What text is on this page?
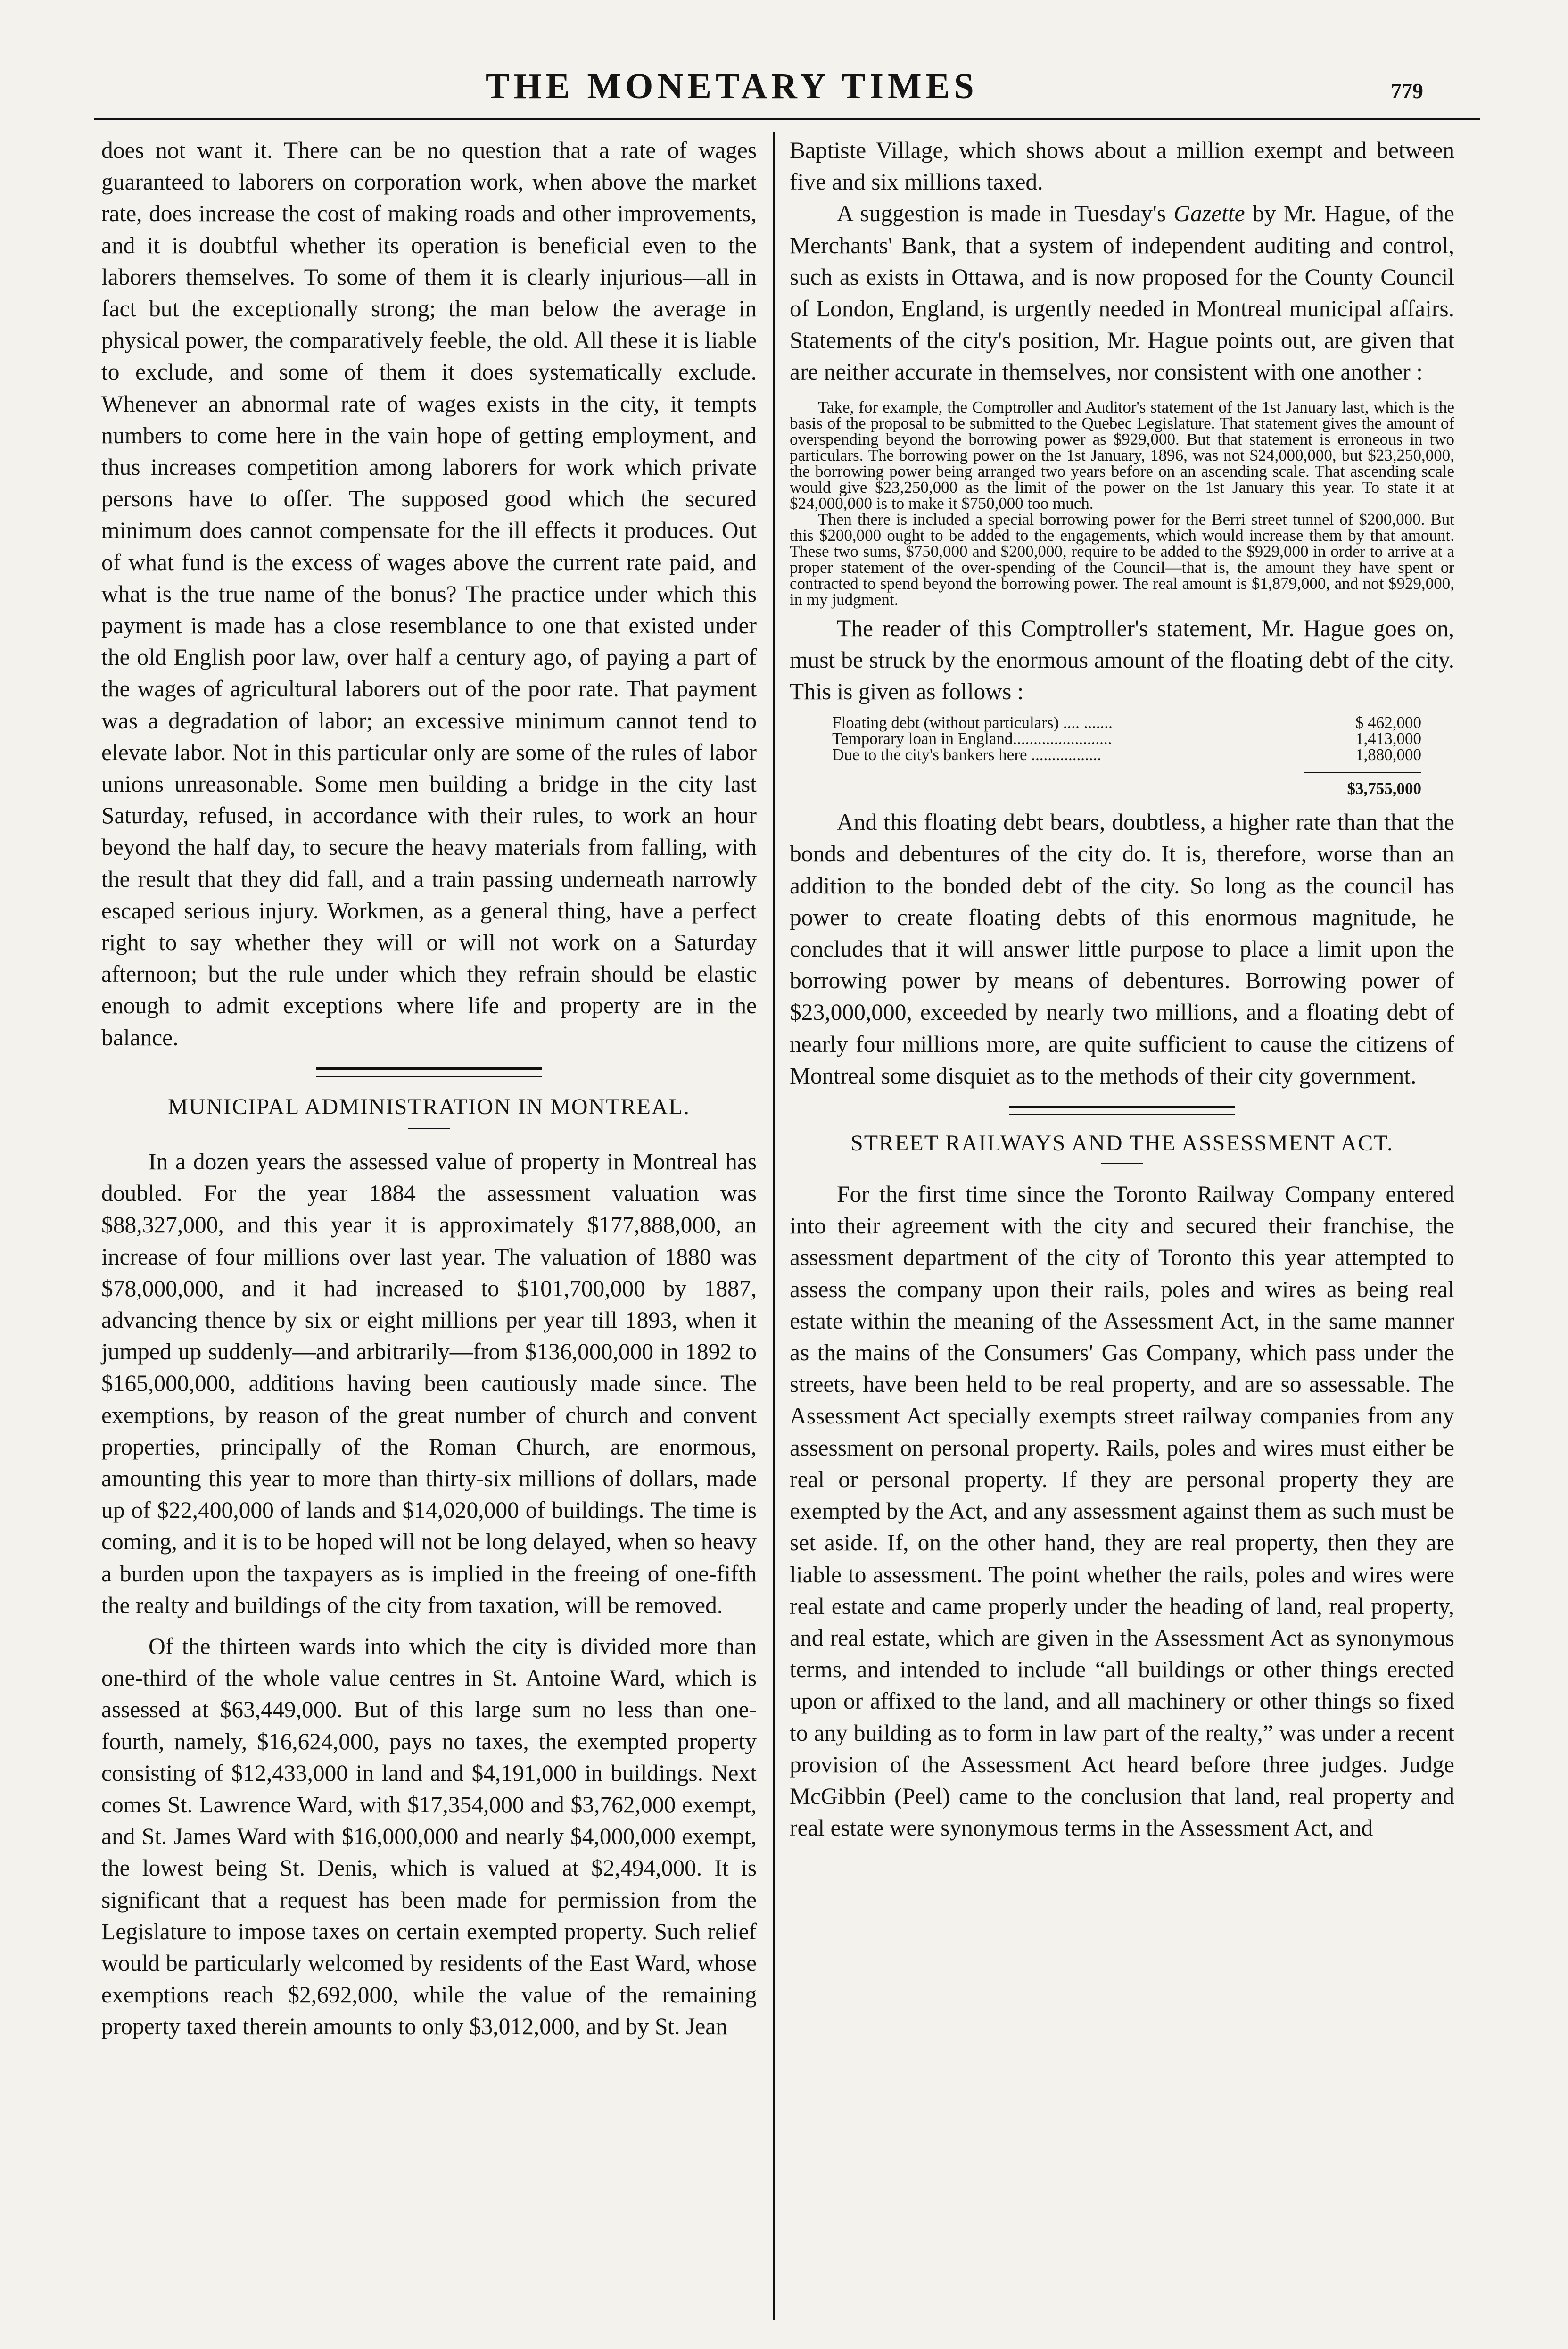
THE MONETARY TIMES	779

does not want it. There can be no question that a rate of wages guaranteed to laborers on corporation work, when above the market rate, does increase the cost of making roads and other improvements, and it is doubtful whether its operation is beneficial even to the laborers themselves. To some of them it is clearly injurious—all in fact but the exceptionally strong; the man below the average in physical power, the comparatively feeble, the old. All these it is liable to exclude, and some of them it does systematically exclude. Whenever an abnormal rate of wages exists in the city, it tempts numbers to come here in the vain hope of getting employment, and thus increases competition among laborers for work which private persons have to offer. The supposed good which the secured minimum does cannot compensate for the ill effects it produces. Out of what fund is the excess of wages above the current rate paid, and what is the true name of the bonus? The practice under which this payment is made has a close resemblance to one that existed under the old English poor law, over half a century ago, of paying a part of the wages of agricultural laborers out of the poor rate. That payment was a degradation of labor; an excessive minimum cannot tend to elevate labor. Not in this particular only are some of the rules of labor unions unreasonable. Some men building a bridge in the city last Saturday, refused, in accordance with their rules, to work an hour beyond the half day, to secure the heavy materials from falling, with the result that they did fall, and a train passing underneath narrowly escaped serious injury. Workmen, as a general thing, have a perfect right to say whether they will or will not work on a Saturday afternoon; but the rule under which they refrain should be elastic enough to admit exceptions where life and property are in the balance.

MUNICIPAL ADMINISTRATION IN MONTREAL.

In a dozen years the assessed value of property in Montreal has doubled. For the year 1884 the assessment valuation was $88,327,000, and this year it is approximately $177,888,000, an increase of four millions over last year. The valuation of 1880 was $78,000,000, and it had increased to $101,700,000 by 1887, advancing thence by six or eight millions per year till 1893, when it jumped up suddenly—and arbitrarily—from $136,000,000 in 1892 to $165,000,000, additions having been cautiously made since. The exemptions, by reason of the great number of church and convent properties, principally of the Roman Church, are enormous, amounting this year to more than thirty-six millions of dollars, made up of $22,400,000 of lands and $14,020,000 of buildings. The time is coming, and it is to be hoped will not be long delayed, when so heavy a burden upon the taxpayers as is implied in the freeing of one-fifth the realty and buildings of the city from taxation, will be removed.

Of the thirteen wards into which the city is divided more than one-third of the whole value centres in St. Antoine Ward, which is assessed at $63,449,000. But of this large sum no less than one-fourth, namely, $16,624,000, pays no taxes, the exempted property consisting of $12,433,000 in land and $4,191,000 in buildings. Next comes St. Lawrence Ward, with $17,354,000 and $3,762,000 exempt, and St. James Ward with $16,000,000 and nearly $4,000,000 exempt, the lowest being St. Denis, which is valued at $2,494,000. It is significant that a request has been made for permission from the Legislature to impose taxes on certain exempted property. Such relief would be particularly welcomed by residents of the East Ward, whose exemptions reach $2,692,000, while the value of the remaining property taxed therein amounts to only $3,012,000, and by St. Jean

Baptiste Village, which shows about a million exempt and between five and six millions taxed.

A suggestion is made in Tuesday's Gazette by Mr. Hague, of the Merchants' Bank, that a system of independent auditing and control, such as exists in Ottawa, and is now proposed for the County Council of London, England, is urgently needed in Montreal municipal affairs. Statements of the city's position, Mr. Hague points out, are given that are neither accurate in themselves, nor consistent with one another :

Take, for example, the Comptroller and Auditor's statement of the 1st January last, which is the basis of the proposal to be submitted to the Quebec Legislature. That statement gives the amount of overspending beyond the borrowing power as $929,000. But that statement is erroneous in two particulars. The borrowing power on the 1st January, 1896, was not $24,000,000, but $23,250,000, the borrowing power being arranged two years before on an ascending scale. That ascending scale would give $23,250,000 as the limit of the power on the 1st January this year. To state it at $24,000,000 is to make it $750,000 too much.

Then there is included a special borrowing power for the Berri street tunnel of $200,000. But this $200,000 ought to be added to the engagements, which would increase them by that amount. These two sums, $750,000 and $200,000, require to be added to the $929,000 in order to arrive at a proper statement of the over-spending of the Council—that is, the amount they have spent or contracted to spend beyond the borrowing power. The real amount is $1,879,000, and not $929,000, in my judgment.

The reader of this Comptroller's statement, Mr. Hague goes on, must be struck by the enormous amount of the floating debt of the city. This is given as follows :

Floating debt (without particulars) .... .......	$ 462,000
Temporary loan in England........................	1,413,000
Due to the city's bankers here .................	1,880,000
$3,755,000

And this floating debt bears, doubtless, a higher rate than that the bonds and debentures of the city do. It is, therefore, worse than an addition to the bonded debt of the city. So long as the council has power to create floating debts of this enormous magnitude, he concludes that it will answer little purpose to place a limit upon the borrowing power by means of debentures. Borrowing power of $23,000,000, exceeded by nearly two millions, and a floating debt of nearly four millions more, are quite sufficient to cause the citizens of Montreal some disquiet as to the methods of their city government.

STREET RAILWAYS AND THE ASSESSMENT ACT.

For the first time since the Toronto Railway Company entered into their agreement with the city and secured their franchise, the assessment department of the city of Toronto this year attempted to assess the company upon their rails, poles and wires as being real estate within the meaning of the Assessment Act, in the same manner as the mains of the Consumers' Gas Company, which pass under the streets, have been held to be real property, and are so assessable. The Assessment Act specially exempts street railway companies from any assessment on personal property. Rails, poles and wires must either be real or personal property. If they are personal property they are exempted by the Act, and any assessment against them as such must be set aside. If, on the other hand, they are real property, then they are liable to assessment. The point whether the rails, poles and wires were real estate and came properly under the heading of land, real property, and real estate, which are given in the Assessment Act as synonymous terms, and intended to include “all buildings or other things erected upon or affixed to the land, and all machinery or other things so fixed to any building as to form in law part of the realty,” was under a recent provision of the Assessment Act heard before three judges. Judge McGibbin (Peel) came to the conclusion that land, real property and real estate were synonymous terms in the Assessment Act, and
